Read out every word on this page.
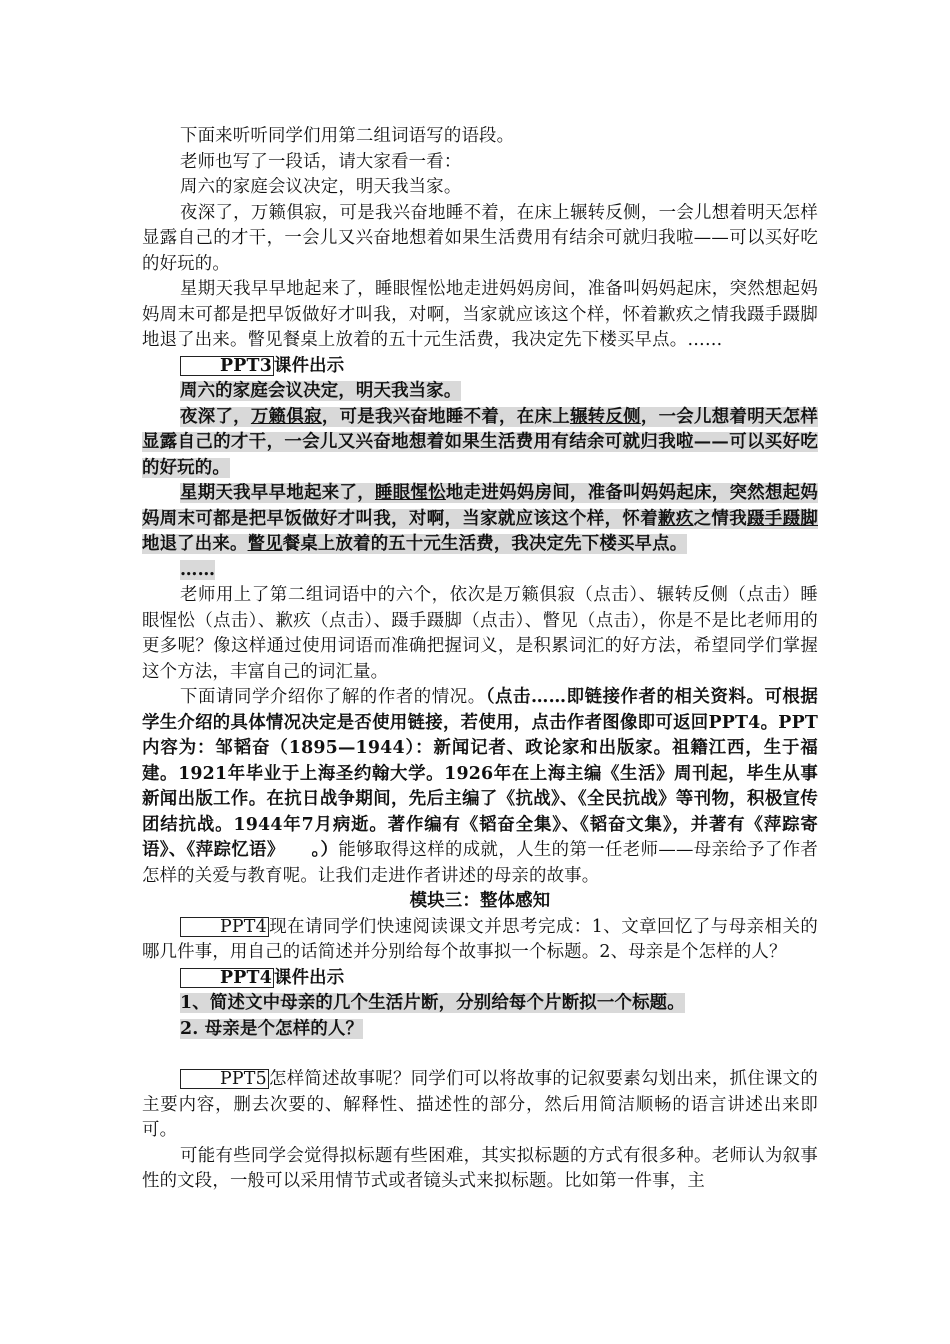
下面来听听同学们用第二组词语写的语段。

老师也写了一段话，请大家看一看：

周六的家庭会议决定，明天我当家。

夜深了，万籁俱寂，可是我兴奋地睡不着，在床上辗转反侧，一会儿想着明天怎样显露自己的才干，一会儿又兴奋地想着如果生活费用有结余可就归我啦——可以买好吃的好玩的。

星期天我早早地起来了，睡眼惺忪地走进妈妈房间，准备叫妈妈起床，突然想起妈妈周末可都是把早饭做好才叫我，对啊，当家就应该这个样，怀着歉疚之情我蹑手蹑脚地退了出来。瞥见餐桌上放着的五十元生活费，我决定先下楼买早点。……

PPT3 课件出示

周六的家庭会议决定，明天我当家。

夜深了，万籁俱寂，可是我兴奋地睡不着，在床上辗转反侧，一会儿想着明天怎样显露自己的才干，一会儿又兴奋地想着如果生活费用有结余可就归我啦——可以买好吃的好玩的。

星期天我早早地起来了，睡眼惺忪地走进妈妈房间，准备叫妈妈起床，突然想起妈妈周末可都是把早饭做好才叫我，对啊，当家就应该这个样，怀着歉疚之情我蹑手蹑脚地退了出来。瞥见餐桌上放着的五十元生活费，我决定先下楼买早点。

……

老师用上了第二组词语中的六个，依次是万籁俱寂（点击）、辗转反侧（点击）睡眼惺忪（点击）、歉疚（点击）、蹑手蹑脚（点击）、瞥见（点击），你是不是比老师用的更多呢？像这样通过使用词语而准确把握词义，是积累词汇的好方法，希望同学们掌握这个方法，丰富自己的词汇量。

下面请同学介绍你了解的作者的情况。（点击……即链接作者的相关资料。可根据学生介绍的具体情况决定是否使用链接，若使用，点击作者图像即可返回PPT4。PPT内容为：邹韬奋（1895—1944）：新闻记者、政论家和出版家。祖籍江西，生于福建。1921年毕业于上海圣约翰大学。1926年在上海主编《生活》周刊起，毕生从事新闻出版工作。在抗日战争期间，先后主编了《抗战》、《全民抗战》等刊物，积极宣传团结抗战。1944年7月病逝。著作编有《韬奋全集》、《韬奋文集》，并著有《萍踪寄语》、《萍踪忆语》　　。）能够取得这样的成就，人生的第一任老师——母亲给予了作者怎样的关爱与教育呢。让我们走进作者讲述的母亲的故事。

模块三：整体感知

PPT4 现在请同学们快速阅读课文并思考完成：1、文章回忆了与母亲相关的哪几件事，用自己的话简述并分别给每个故事拟一个标题。2、母亲是个怎样的人？

PPT4 课件出示

1、简述文中母亲的几个生活片断，分别给每个片断拟一个标题。

2. 母亲是个怎样的人？

PPT5 怎样简述故事呢？同学们可以将故事的记叙要素勾划出来，抓住课文的主要内容，删去次要的、解释性、描述性的部分，然后用简洁顺畅的语言讲述出来即可。

可能有些同学会觉得拟标题有些困难，其实拟标题的方式有很多种。老师认为叙事性的文段，一般可以采用情节式或者镜头式来拟标题。比如第一件事，主
